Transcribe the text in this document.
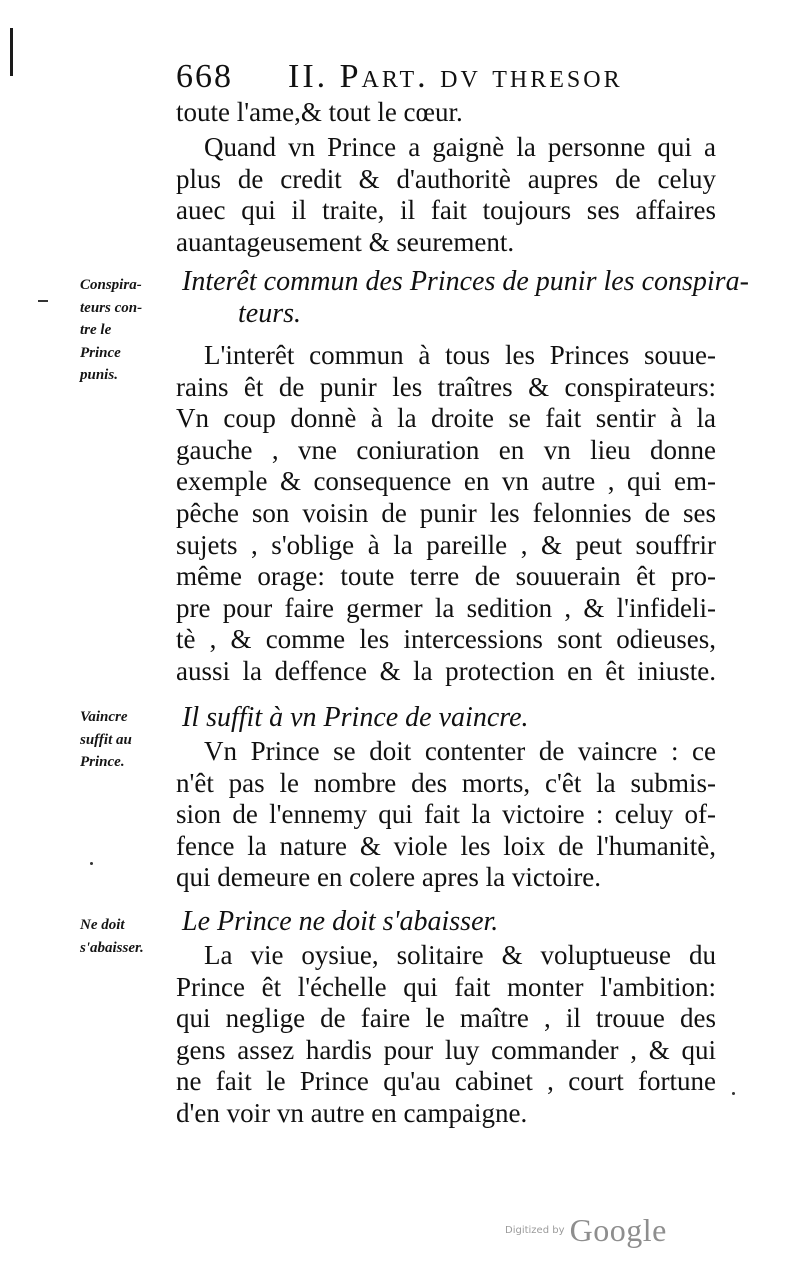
668 II. Part. dv thresor
toute l'ame,& tout le cœur.
Quand vn Prince a gaignè la personne qui a
plus de credit & d'authoritè aupres de celuy
auec qui il traite, il fait toujours ses affaires
auantageusement & seurement.
Conspira-
teurs con-
tre le
Prince
punis.
Interêt commun des Princes de punir les conspira-
teurs.
L'interêt commun à tous les Princes souue-
rains êt de punir les traîtres & conspirateurs:
Vn coup donnè à la droite se fait sentir à la
gauche , vne coniuration en vn lieu donne
exemple & consequence en vn autre , qui em-
pêche son voisin de punir les felonnies de ses
sujets , s'oblige à la pareille , & peut souffrir
même orage: toute terre de souuerain êt pro-
pre pour faire germer la sedition , & l'infideli-
tè , & comme les intercessions sont odieuses,
aussi la deffence & la protection en êt iniuste.
Vaincre
suffit au
Prince.
Il suffit à vn Prince de vaincre.
Vn Prince se doit contenter de vaincre : ce
n'êt pas le nombre des morts, c'êt la submis-
sion de l'ennemy qui fait la victoire : celuy of-
fence la nature & viole les loix de l'humanitè,
qui demeure en colere apres la victoire.
Ne doit
s'abaisser.
Le Prince ne doit s'abaisser.
La vie oysiue, solitaire & voluptueuse du
Prince êt l'échelle qui fait monter l'ambition:
qui neglige de faire le maître , il trouue des
gens assez hardis pour luy commander , & qui
ne fait le Prince qu'au cabinet , court fortune
d'en voir vn autre en campaigne.
Digitized by Google
